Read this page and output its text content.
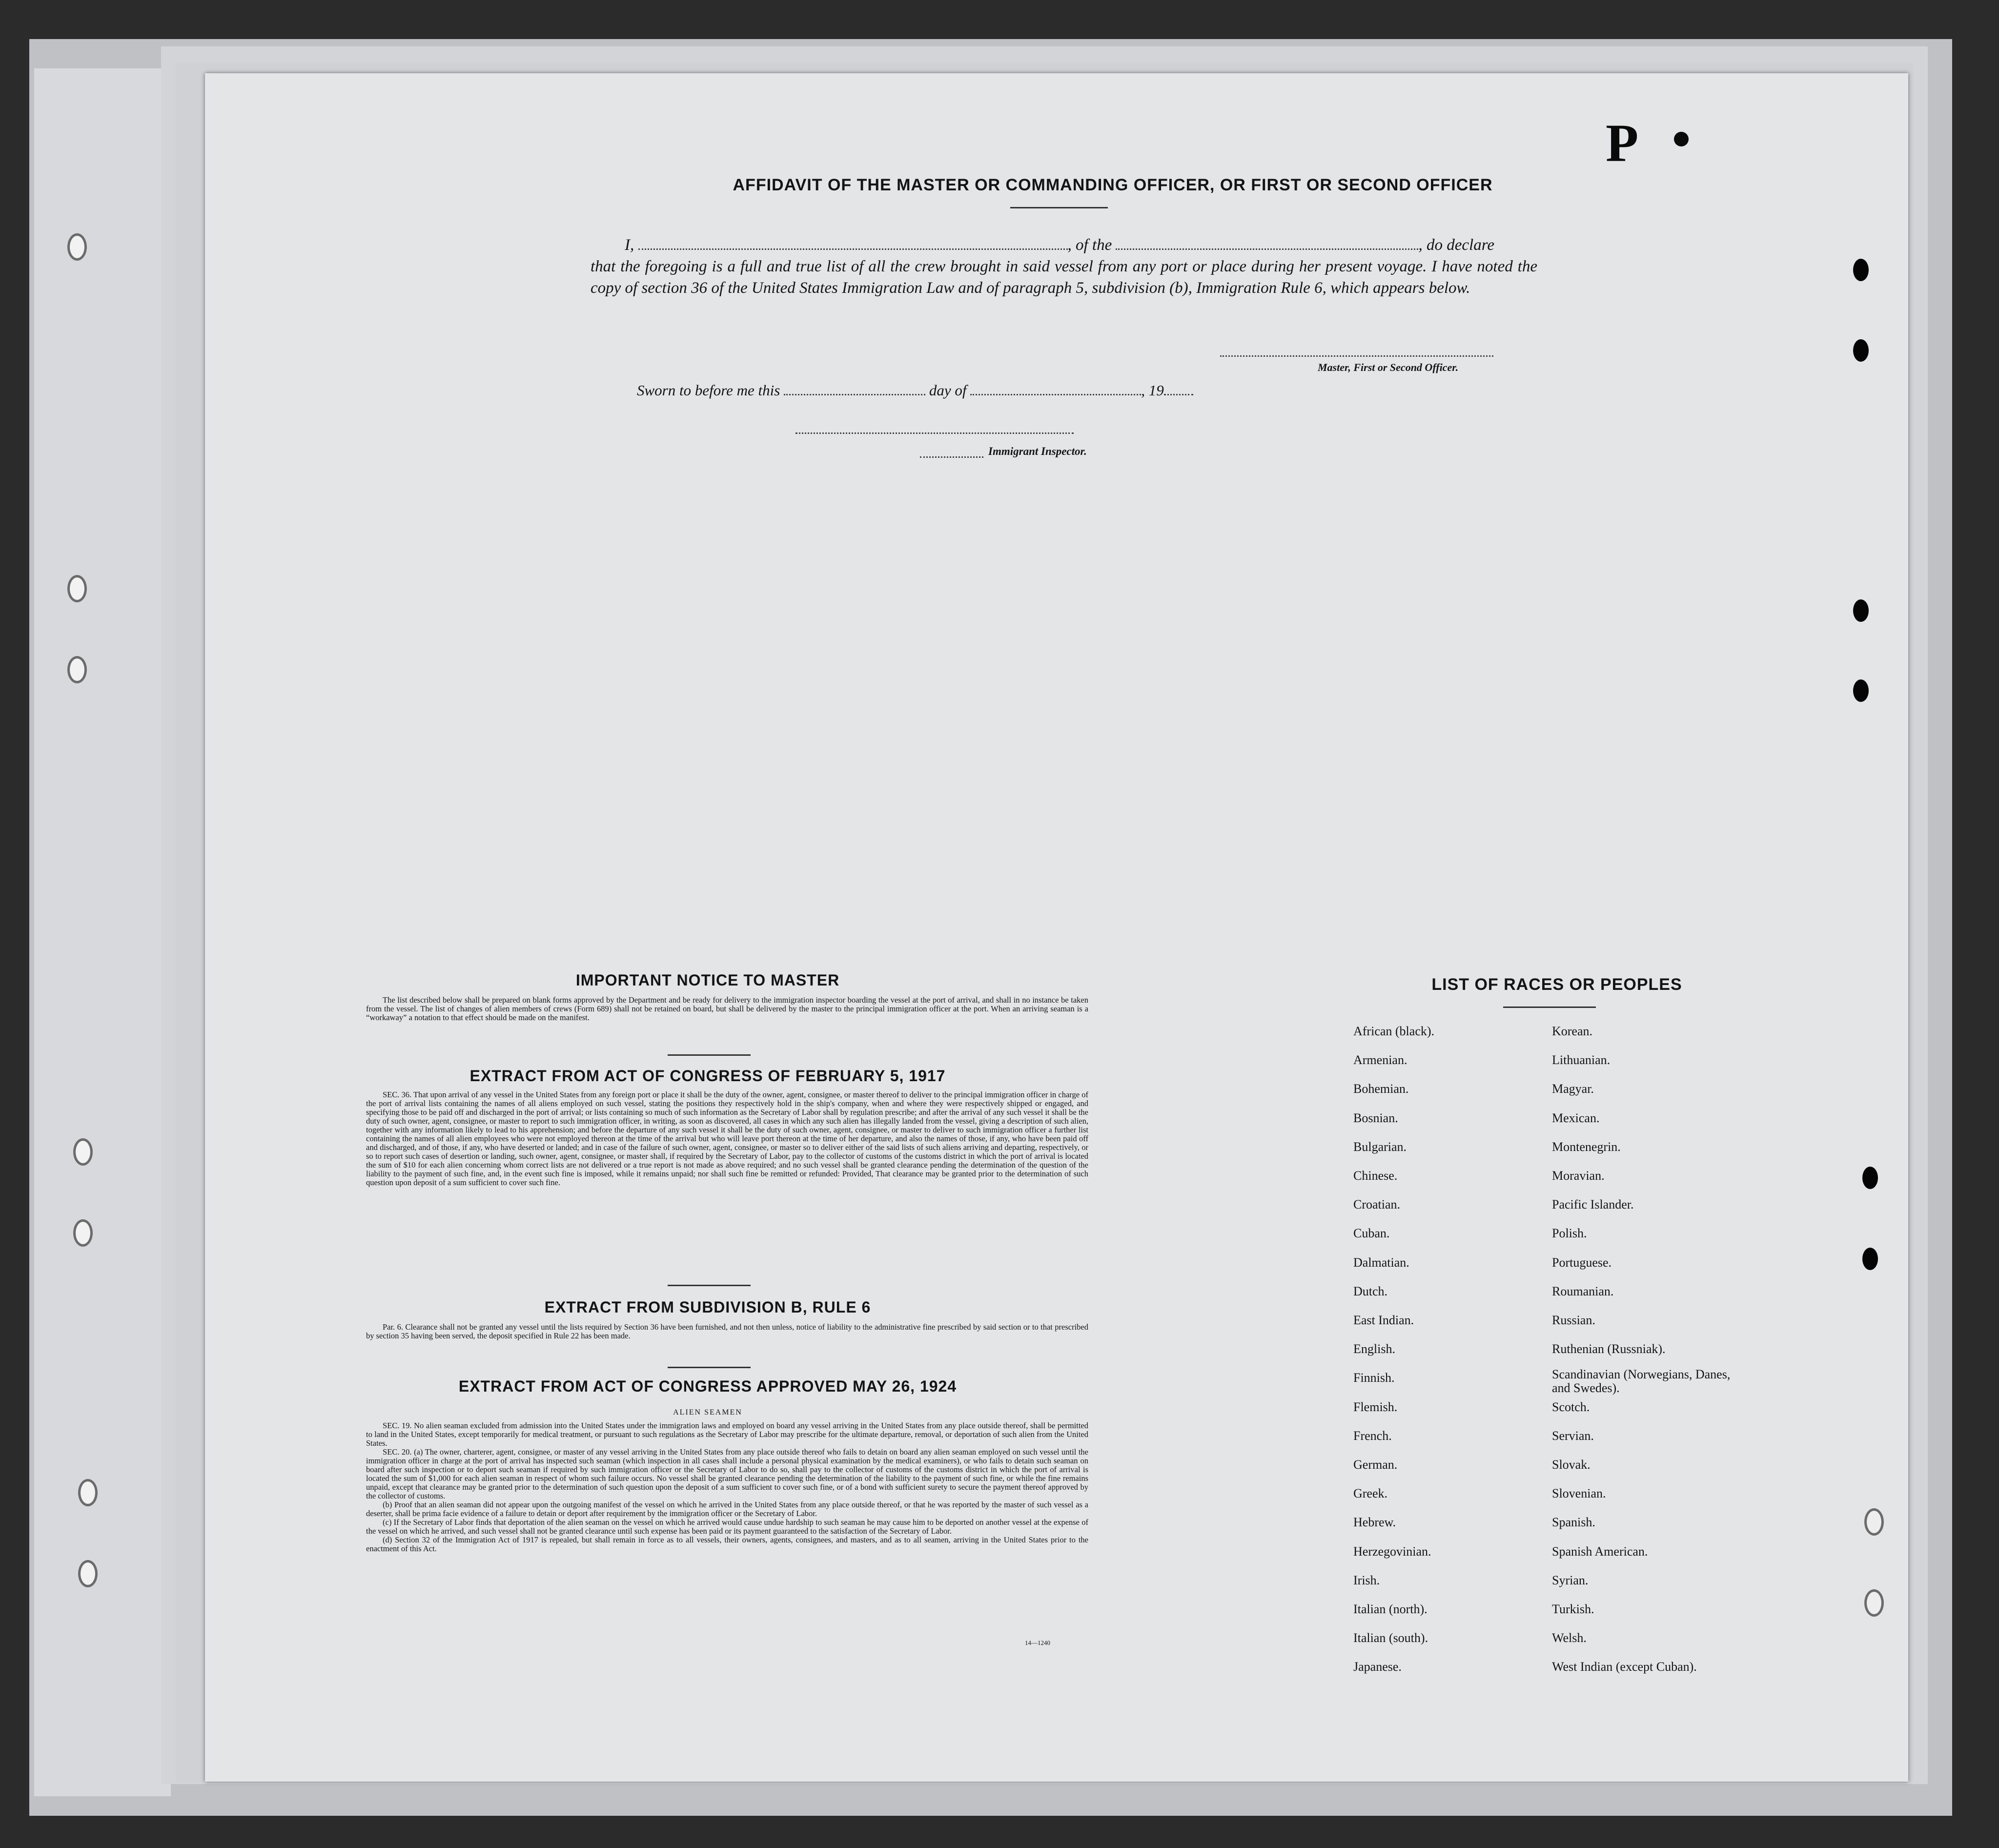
P
AFFIDAVIT OF THE MASTER OR COMMANDING OFFICER, OR FIRST OR SECOND OFFICER
I,	, of the	, do declare
that the foregoing is a full and true list of all the crew brought in said vessel from any port or place during her present voyage. I have noted the copy of section 36 of the United States Immigration Law and of paragraph 5, subdivision (b), Immigration Rule 6, which appears below.
Master, First or Second Officer.
Sworn to before me this	day of	, 19
Immigrant Inspector.
IMPORTANT NOTICE TO MASTER

The list described below shall be prepared on blank forms approved by the Department and be ready for delivery to the immigration inspector boarding the vessel at the port of arrival, and shall in no instance be taken from the vessel. The list of changes of alien members of crews (Form 689) shall not be retained on board, but shall be delivered by the master to the principal immigration officer at the port. When an arriving seaman is a “workaway” a notation to that effect should be made on the manifest.

EXTRACT FROM ACT OF CONGRESS OF FEBRUARY 5, 1917

SEC. 36. That upon arrival of any vessel in the United States from any foreign port or place it shall be the duty of the owner, agent, consignee, or master thereof to deliver to the principal immigration officer in charge of the port of arrival lists containing the names of all aliens employed on such vessel, stating the positions they respectively hold in the ship's company, when and where they were respectively shipped or engaged, and specifying those to be paid off and discharged in the port of arrival; or lists containing so much of such information as the Secretary of Labor shall by regulation prescribe; and after the arrival of any such vessel it shall be the duty of such owner, agent, consignee, or master to report to such immigration officer, in writing, as soon as discovered, all cases in which any such alien has illegally landed from the vessel, giving a description of such alien, together with any information likely to lead to his apprehension; and before the departure of any such vessel it shall be the duty of such owner, agent, consignee, or master to deliver to such immigration officer a further list containing the names of all alien employees who were not employed thereon at the time of the arrival but who will leave port thereon at the time of her departure, and also the names of those, if any, who have been paid off and discharged, and of those, if any, who have deserted or landed; and in case of the failure of such owner, agent, consignee, or master so to deliver either of the said lists of such aliens arriving and departing, respectively, or so to report such cases of desertion or landing, such owner, agent, consignee, or master shall, if required by the Secretary of Labor, pay to the collector of customs of the customs district in which the port of arrival is located the sum of $10 for each alien concerning whom correct lists are not delivered or a true report is not made as above required; and no such vessel shall be granted clearance pending the determination of the question of the liability to the payment of such fine, and, in the event such fine is imposed, while it remains unpaid; nor shall such fine be remitted or refunded: Provided, That clearance may be granted prior to the determination of such question upon deposit of a sum sufficient to cover such fine.

EXTRACT FROM SUBDIVISION B, RULE 6

Par. 6. Clearance shall not be granted any vessel until the lists required by Section 36 have been furnished, and not then unless, notice of liability to the administrative fine prescribed by said section or to that prescribed by section 35 having been served, the deposit specified in Rule 22 has been made.

EXTRACT FROM ACT OF CONGRESS APPROVED MAY 26, 1924
ALIEN SEAMEN

SEC. 19. No alien seaman excluded from admission into the United States under the immigration laws and employed on board any vessel arriving in the United States from any place outside thereof, shall be permitted to land in the United States, except temporarily for medical treatment, or pursuant to such regulations as the Secretary of Labor may prescribe for the ultimate departure, removal, or deportation of such alien from the United States.

SEC. 20. (a) The owner, charterer, agent, consignee, or master of any vessel arriving in the United States from any place outside thereof who fails to detain on board any alien seaman employed on such vessel until the immigration officer in charge at the port of arrival has inspected such seaman (which inspection in all cases shall include a personal physical examination by the medical examiners), or who fails to detain such seaman on board after such inspection or to deport such seaman if required by such immigration officer or the Secretary of Labor to do so, shall pay to the collector of customs of the customs district in which the port of arrival is located the sum of $1,000 for each alien seaman in respect of whom such failure occurs. No vessel shall be granted clearance pending the determination of the liability to the payment of such fine, or while the fine remains unpaid, except that clearance may be granted prior to the determination of such question upon the deposit of a sum sufficient to cover such fine, or of a bond with sufficient surety to secure the payment thereof approved by the collector of customs.

(b) Proof that an alien seaman did not appear upon the outgoing manifest of the vessel on which he arrived in the United States from any place outside thereof, or that he was reported by the master of such vessel as a deserter, shall be prima facie evidence of a failure to detain or deport after requirement by the immigration officer or the Secretary of Labor.

(c) If the Secretary of Labor finds that deportation of the alien seaman on the vessel on which he arrived would cause undue hardship to such seaman he may cause him to be deported on another vessel at the expense of the vessel on which he arrived, and such vessel shall not be granted clearance until such expense has been paid or its payment guaranteed to the satisfaction of the Secretary of Labor.

(d) Section 32 of the Immigration Act of 1917 is repealed, but shall remain in force as to all vessels, their owners, agents, consignees, and masters, and as to all seamen, arriving in the United States prior to the enactment of this Act.

14—1240
LIST OF RACES OR PEOPLES
African (black).
Armenian.
Bohemian.
Bosnian.
Bulgarian.
Chinese.
Croatian.
Cuban.
Dalmatian.
Dutch.
East Indian.
English.
Finnish.
Flemish.
French.
German.
Greek.
Hebrew.
Herzegovinian.
Irish.
Italian (north).
Italian (south).
Japanese.
Korean.
Lithuanian.
Magyar.
Mexican.
Montenegrin.
Moravian.
Pacific Islander.
Polish.
Portuguese.
Roumanian.
Russian.
Ruthenian (Russniak).
Scandinavian (Norwegians, Danes, and Swedes).
Scotch.
Servian.
Slovak.
Slovenian.
Spanish.
Spanish American.
Syrian.
Turkish.
Welsh.
West Indian (except Cuban).
